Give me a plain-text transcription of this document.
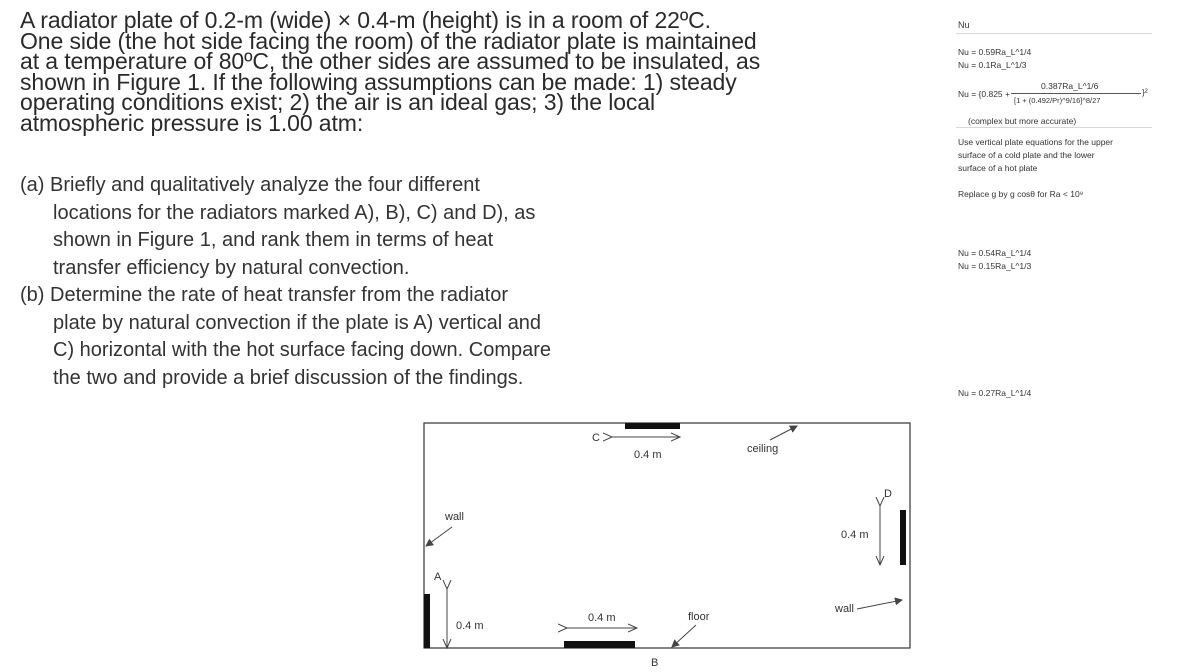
A radiator plate of 0.2-m (wide) × 0.4-m (height) is in a room of 22ºC.
One side (the hot side facing the room) of the radiator plate is maintained
at a temperature of 80ºC, the other sides are assumed to be insulated, as
shown in Figure 1. If the following assumptions can be made: 1) steady
operating conditions exist; 2) the air is an ideal gas; 3) the local
atmospheric pressure is 1.00 atm:
(a) Briefly and qualitatively analyze the four different
locations for the radiators marked A), B), C) and D), as
shown in Figure 1, and rank them in terms of heat
transfer efficiency by natural convection.
(b) Determine the rate of heat transfer from the radiator
plate by natural convection if the plate is A) vertical and
C) horizontal with the hot surface facing down. Compare
the two and provide a brief discussion of the findings.
Nu
Nu = 0.59Ra_L^1/4
Nu = 0.1Ra_L^1/3
Nu = {0.825 +
0.387Ra_L^1/6
[1 + (0.492/Pr)^9/16]^8/27
}²
(complex but more accurate)
Use vertical plate equations for the upper
surface of a cold plate and the lower
surface of a hot plate
Replace g by g cosθ for Ra < 10⁹
Nu = 0.54Ra_L^1/4
Nu = 0.15Ra_L^1/3
Nu = 0.27Ra_L^1/4
C
0.4 m	ceiling
D
0.4 m
wall
wall
A
0.4 m
0.4 m
B
floor
